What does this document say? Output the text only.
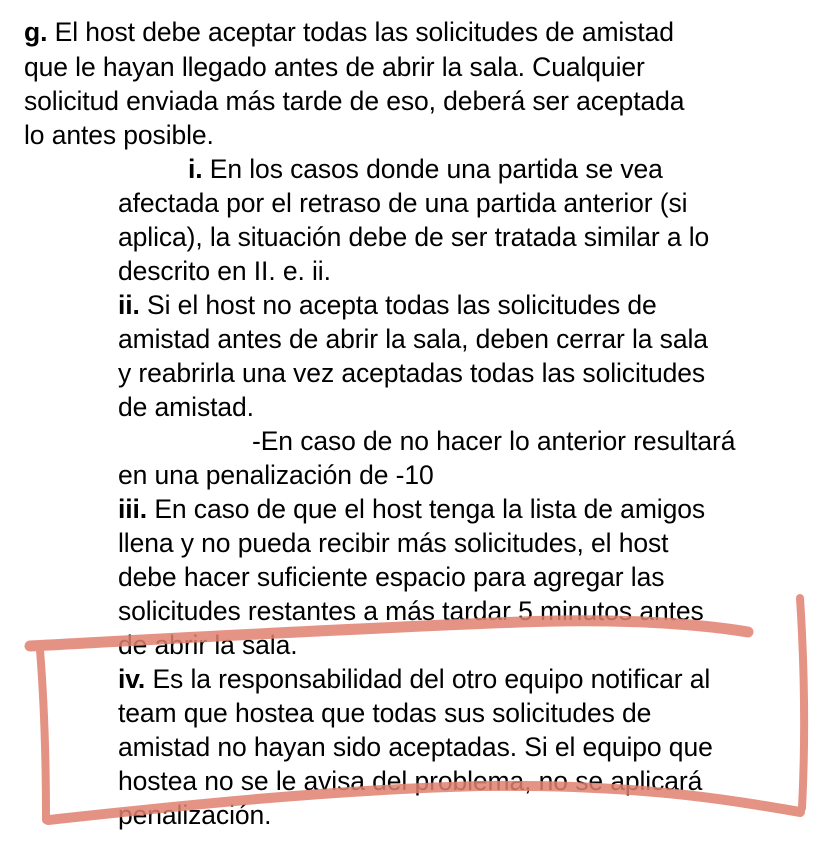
g. El host debe aceptar todas las solicitudes de amistad
que le hayan llegado antes de abrir la sala. Cualquier
solicitud enviada más tarde de eso, deberá ser aceptada
lo antes posible.
i. En los casos donde una partida se vea
afectada por el retraso de una partida anterior (si
aplica), la situación debe de ser tratada similar a lo
descrito en II. e. ii.
ii. Si el host no acepta todas las solicitudes de
amistad antes de abrir la sala, deben cerrar la sala
y reabrirla una vez aceptadas todas las solicitudes
de amistad.
-En caso de no hacer lo anterior resultará
en una penalización de -10
iii. En caso de que el host tenga la lista de amigos
llena y no pueda recibir más solicitudes, el host
debe hacer suficiente espacio para agregar las
solicitudes restantes a más tardar 5 minutos antes
de abrir la sala.
iv. Es la responsabilidad del otro equipo notificar al
team que hostea que todas sus solicitudes de
amistad no hayan sido aceptadas. Si el equipo que
hostea no se le avisa del problema, no se aplicará
penalización.
